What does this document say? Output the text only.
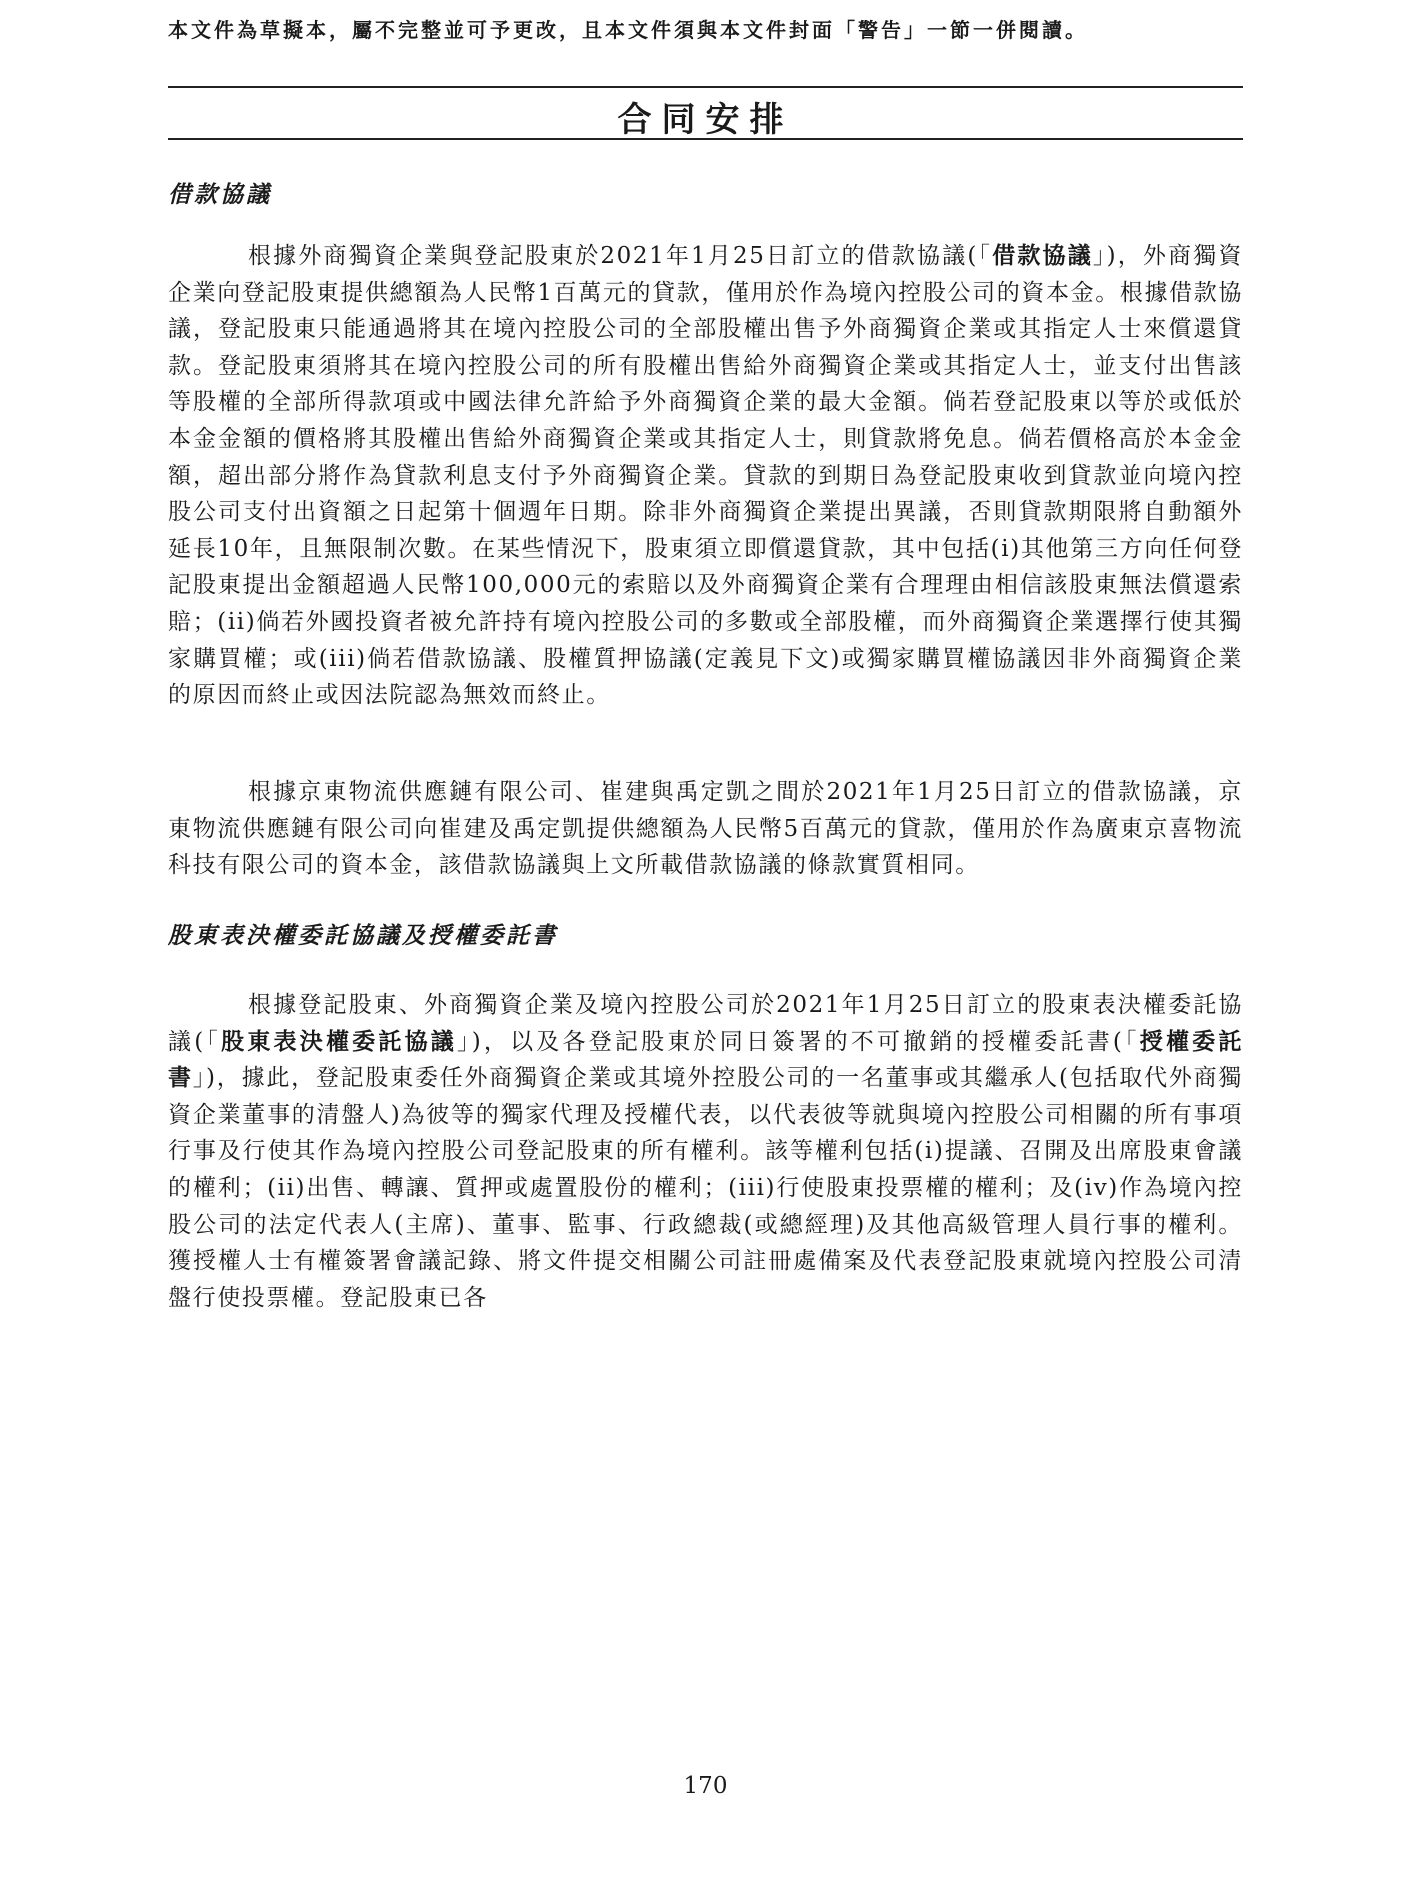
本文件為草擬本，屬不完整並可予更改，且本文件須與本文件封面「警告」一節一併閱讀。
合同安排
借款協議

根據外商獨資企業與登記股東於2021年1月25日訂立的借款協議(「借款協議」)，外商獨資企業向登記股東提供總額為人民幣1百萬元的貸款，僅用於作為境內控股公司的資本金。根據借款協議，登記股東只能通過將其在境內控股公司的全部股權出售予外商獨資企業或其指定人士來償還貸款。登記股東須將其在境內控股公司的所有股權出售給外商獨資企業或其指定人士，並支付出售該等股權的全部所得款項或中國法律允許給予外商獨資企業的最大金額。倘若登記股東以等於或低於本金金額的價格將其股權出售給外商獨資企業或其指定人士，則貸款將免息。倘若價格高於本金金額，超出部分將作為貸款利息支付予外商獨資企業。貸款的到期日為登記股東收到貸款並向境內控股公司支付出資額之日起第十個週年日期。除非外商獨資企業提出異議，否則貸款期限將自動額外延長10年，且無限制次數。在某些情況下，股東須立即償還貸款，其中包括(i)其他第三方向任何登記股東提出金額超過人民幣100,000元的索賠以及外商獨資企業有合理理由相信該股東無法償還索賠；(ii)倘若外國投資者被允許持有境內控股公司的多數或全部股權，而外商獨資企業選擇行使其獨家購買權；或(iii)倘若借款協議、股權質押協議(定義見下文)或獨家購買權協議因非外商獨資企業的原因而終止或因法院認為無效而終止。

根據京東物流供應鏈有限公司、崔建與禹定凱之間於2021年1月25日訂立的借款協議，京東物流供應鏈有限公司向崔建及禹定凱提供總額為人民幣5百萬元的貸款，僅用於作為廣東京喜物流科技有限公司的資本金，該借款協議與上文所載借款協議的條款實質相同。

股東表決權委託協議及授權委託書

根據登記股東、外商獨資企業及境內控股公司於2021年1月25日訂立的股東表決權委託協議(「股東表決權委託協議」)，以及各登記股東於同日簽署的不可撤銷的授權委託書(「授權委託書」)，據此，登記股東委任外商獨資企業或其境外控股公司的一名董事或其繼承人(包括取代外商獨資企業董事的清盤人)為彼等的獨家代理及授權代表，以代表彼等就與境內控股公司相關的所有事項行事及行使其作為境內控股公司登記股東的所有權利。該等權利包括(i)提議、召開及出席股東會議的權利；(ii)出售、轉讓、質押或處置股份的權利；(iii)行使股東投票權的權利；及(iv)作為境內控股公司的法定代表人(主席)、董事、監事、行政總裁(或總經理)及其他高級管理人員行事的權利。獲授權人士有權簽署會議記錄、將文件提交相關公司註冊處備案及代表登記股東就境內控股公司清盤行使投票權。登記股東已各

170
